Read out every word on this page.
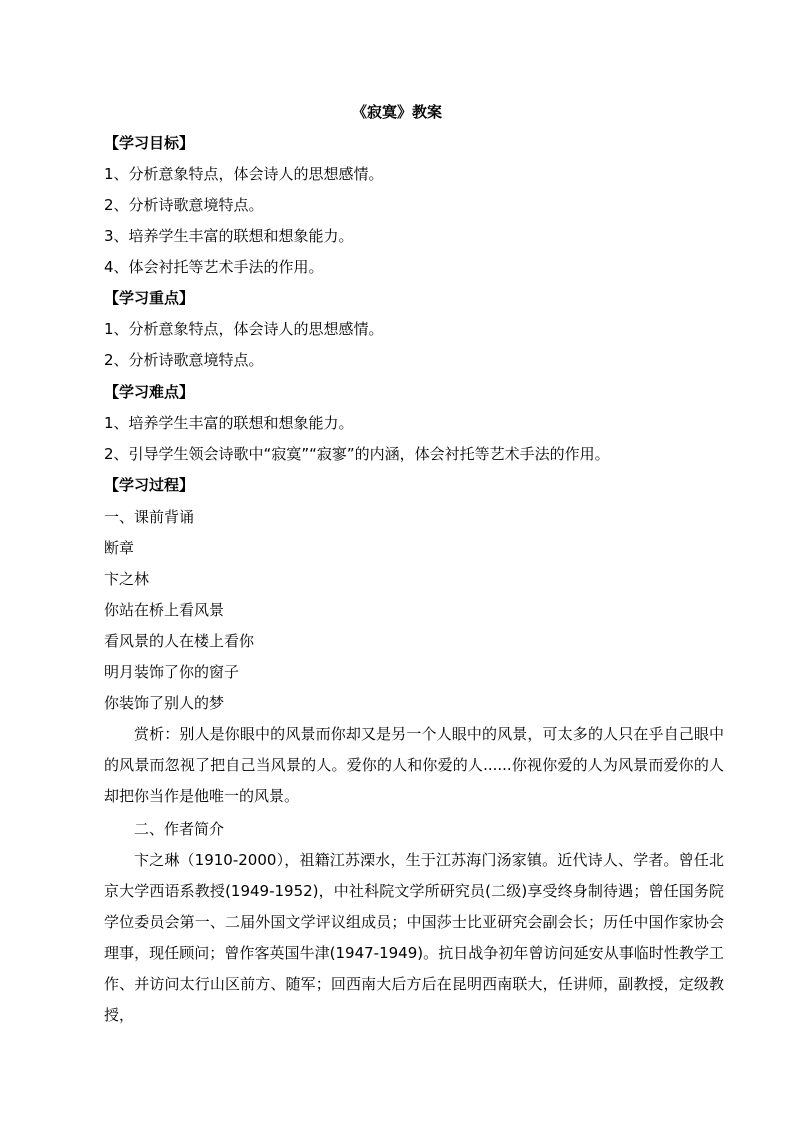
《寂寞》教案
【学习目标】
1、分析意象特点，体会诗人的思想感情。
2、分析诗歌意境特点。
3、培养学生丰富的联想和想象能力。
4、体会衬托等艺术手法的作用。
【学习重点】
1、分析意象特点，体会诗人的思想感情。
2、分析诗歌意境特点。
【学习难点】
1、培养学生丰富的联想和想象能力。
2、引导学生领会诗歌中“寂寞”“寂寥”的内涵，体会衬托等艺术手法的作用。
【学习过程】
一、课前背诵
断章
卞之林
你站在桥上看风景
看风景的人在楼上看你
明月装饰了你的窗子
你装饰了别人的梦
赏析：别人是你眼中的风景而你却又是另一个人眼中的风景，可太多的人只在乎自己眼中的风景而忽视了把自己当风景的人。爱你的人和你爱的人......你视你爱的人为风景而爱你的人却把你当作是他唯一的风景。
二、作者简介
卞之琳（1910-2000），祖籍江苏溧水，生于江苏海门汤家镇。近代诗人、学者。曾任北京大学西语系教授(1949-1952)，中社科院文学所研究员(二级)享受终身制待遇；曾任国务院学位委员会第一、二届外国文学评议组成员；中国莎士比亚研究会副会长；历任中国作家协会理事，现任顾问；曾作客英国牛津(1947-1949)。抗日战争初年曾访问延安从事临时性教学工作、并访问太行山区前方、随军；回西南大后方后在昆明西南联大，任讲师，副教授，定级教授，
